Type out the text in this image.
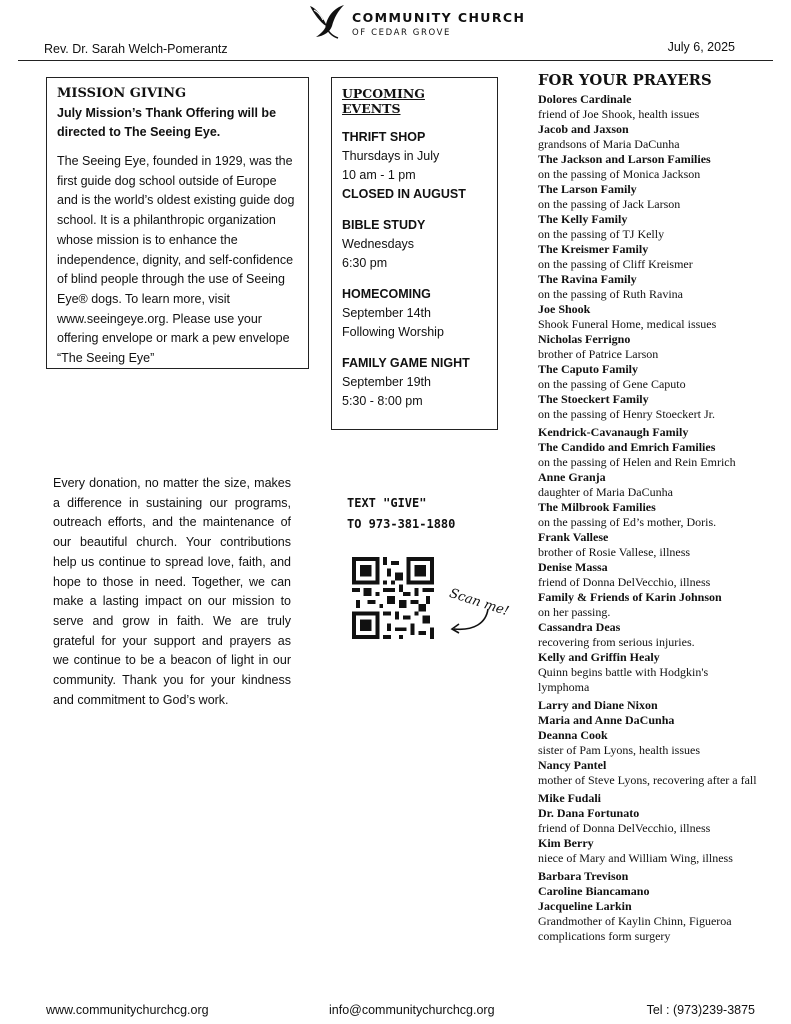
COMMUNITY CHURCH
OF CEDAR GROVE
Rev. Dr. Sarah Welch-Pomerantz	July 6, 2025
MISSION GIVING
July Mission’s Thank Offering will be directed to The Seeing Eye.
The Seeing Eye, founded in 1929, was the first guide dog school outside of Europe and is the world’s oldest existing guide dog school. It is a philanthropic organization whose mission is to enhance the independence, dignity, and self-confidence of blind people through the use of Seeing Eye® dogs. To learn more, visit www.seeingeye.org. Please use your offering envelope or mark a pew envelope “The Seeing Eye”
UPCOMING EVENTS
THRIFT SHOP
Thursdays in July
10 am - 1 pm
CLOSED IN AUGUST
BIBLE STUDY
Wednesdays
6:30 pm
HOMECOMING
September 14th
Following Worship
FAMILY GAME NIGHT
September 19th
5:30 - 8:00 pm
FOR YOUR PRAYERS
Dolores Cardinale
friend of Joe Shook, health issues
Jacob and Jaxson
grandsons of Maria DaCunha
The Jackson and Larson Families
on the passing of Monica Jackson
The Larson Family
on the passing of Jack Larson
The Kelly Family
on the passing of TJ Kelly
The Kreismer Family
on the passing of Cliff Kreismer
The Ravina Family
on the passing of Ruth Ravina
Joe Shook
Shook Funeral Home, medical issues
Nicholas Ferrigno
brother of Patrice Larson
The Caputo Family
on the passing of Gene Caputo
The Stoeckert Family
on the passing of Henry Stoeckert Jr.
Kendrick-Cavanaugh Family
The Candido and Emrich Families
on the passing of Helen and Rein Emrich
Anne Granja
daughter of Maria DaCunha
The Milbrook Families
on the passing of Ed’s mother, Doris.
Frank Vallese
brother of Rosie Vallese, illness
Denise Massa
friend of Donna DelVecchio, illness
Family & Friends of Karin Johnson
on her passing.
Cassandra Deas
recovering from serious injuries.
Kelly and Griffin Healy
Quinn begins battle with Hodgkin's
lymphoma
Larry and Diane Nixon
Maria and Anne DaCunha
Deanna Cook
sister of Pam Lyons, health issues
Nancy Pantel
mother of Steve Lyons, recovering after a fall
Mike Fudali
Dr. Dana Fortunato
friend of Donna DelVecchio, illness
Kim Berry
niece of Mary and William Wing, illness
Barbara Trevison
Caroline Biancamano
Jacqueline Larkin
Grandmother of Kaylin Chinn, Figueroa
complications form surgery
Every donation, no matter the size, makes a difference in sustaining our programs, outreach efforts, and the maintenance of our beautiful church. Your contributions help us continue to spread love, faith, and hope to those in need. Together, we can make a lasting impact on our mission to serve and grow in faith. We are truly grateful for your support and prayers as we continue to be a beacon of light in our community. Thank you for your kindness and commitment to God’s work.
TEXT "GIVE"
TO 973-381-1880
Scan me!
www.communitychurchcg.org	info@communitychurchcg.org	Tel : (973)239-3875
